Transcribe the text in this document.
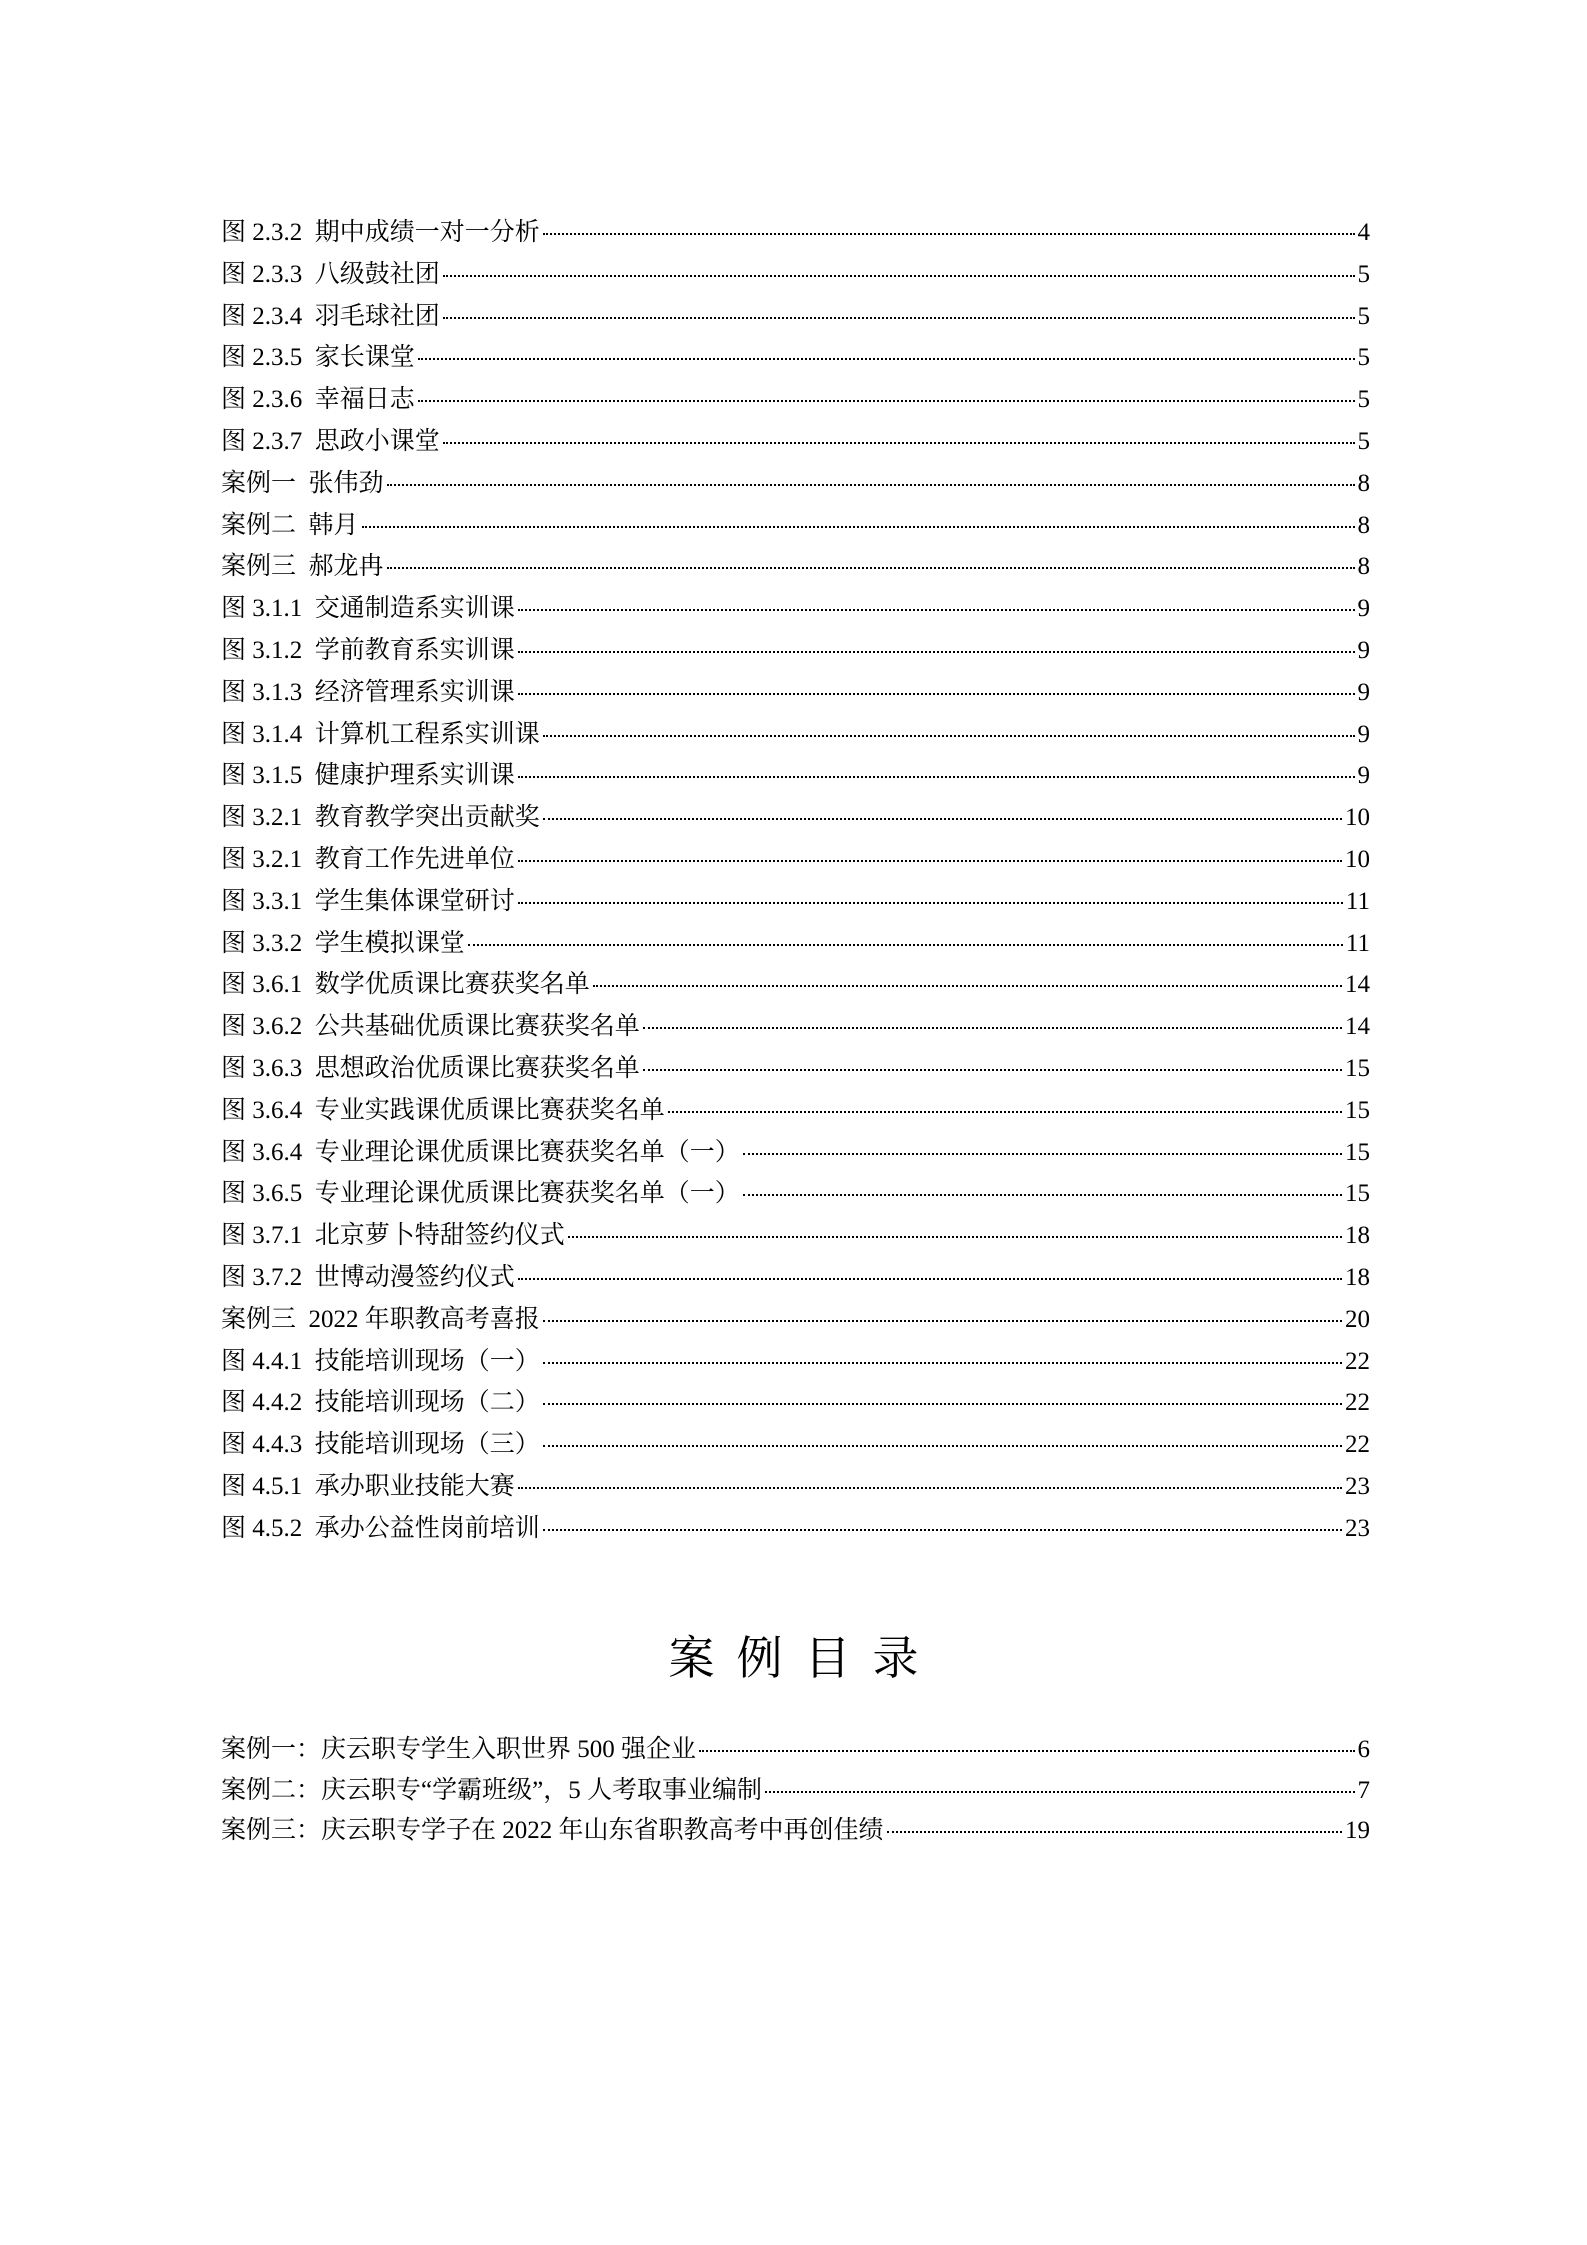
图 2.3.2  期中成绩一对一分析	4
图 2.3.3  八级鼓社团	5
图 2.3.4  羽毛球社团	5
图 2.3.5  家长课堂	5
图 2.3.6  幸福日志	5
图 2.3.7  思政小课堂	5
案例一  张伟劲	8
案例二  韩月	8
案例三  郝龙冉	8
图 3.1.1  交通制造系实训课	9
图 3.1.2  学前教育系实训课	9
图 3.1.3  经济管理系实训课	9
图 3.1.4  计算机工程系实训课	9
图 3.1.5  健康护理系实训课	9
图 3.2.1  教育教学突出贡献奖	10
图 3.2.1  教育工作先进单位	10
图 3.3.1  学生集体课堂研讨	11
图 3.3.2  学生模拟课堂	11
图 3.6.1  数学优质课比赛获奖名单	14
图 3.6.2  公共基础优质课比赛获奖名单	14
图 3.6.3  思想政治优质课比赛获奖名单	15
图 3.6.4  专业实践课优质课比赛获奖名单	15
图 3.6.4  专业理论课优质课比赛获奖名单（一）	15
图 3.6.5  专业理论课优质课比赛获奖名单（一）	15
图 3.7.1  北京萝卜特甜签约仪式	18
图 3.7.2  世博动漫签约仪式	18
案例三  2022 年职教高考喜报	20
图 4.4.1  技能培训现场（一）	22
图 4.4.2  技能培训现场（二）	22
图 4.4.3  技能培训现场（三）	22
图 4.5.1  承办职业技能大赛	23
图 4.5.2  承办公益性岗前培训	23
案例目录
案例一：庆云职专学生入职世界 500 强企业	6
案例二：庆云职专“学霸班级”，5 人考取事业编制	7
案例三：庆云职专学子在 2022 年山东省职教高考中再创佳绩	19
